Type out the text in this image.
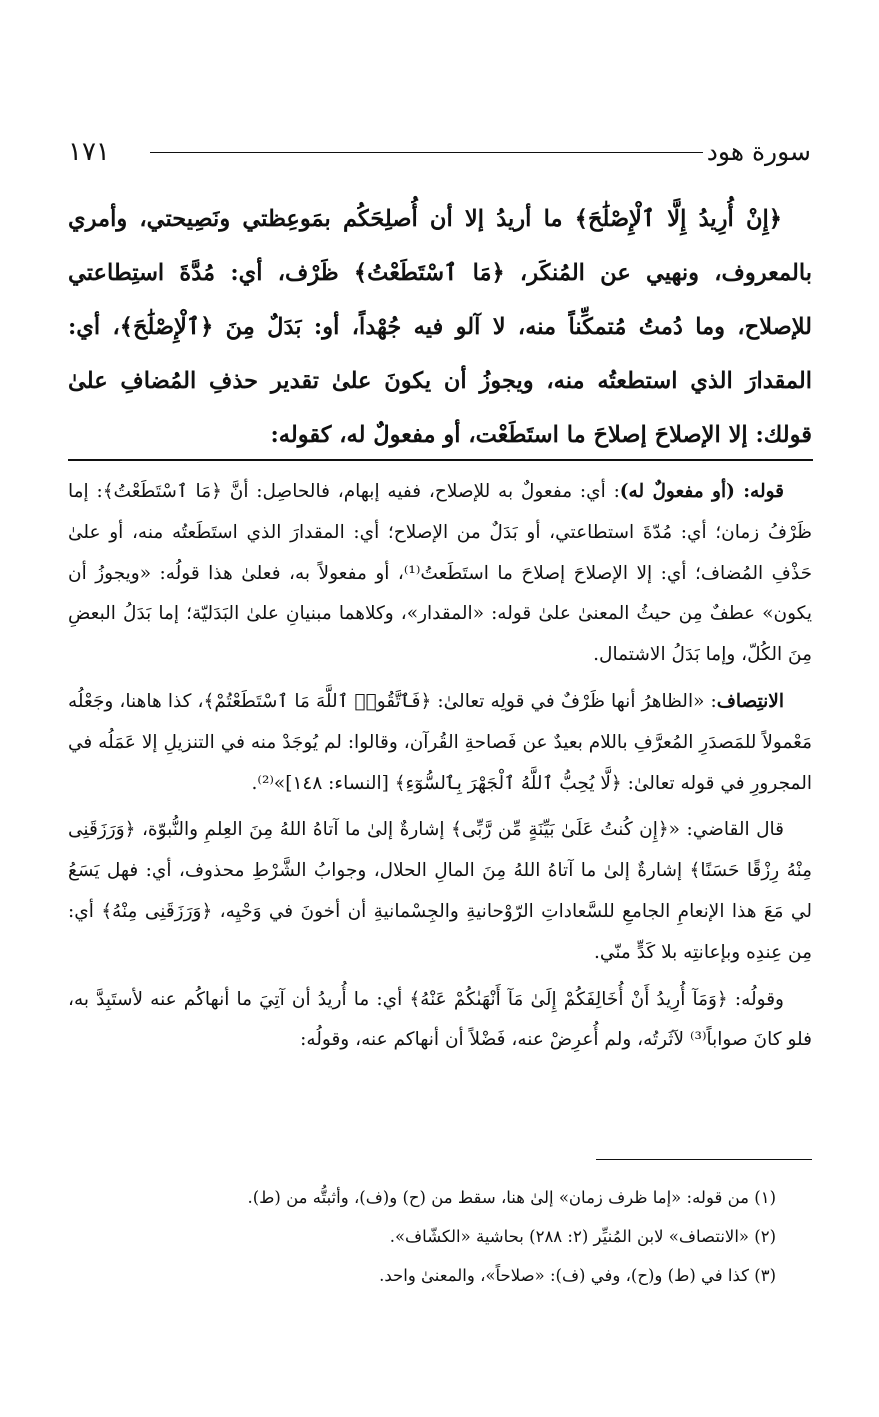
سورة هود
١٧١

﴿إِنْ أُرِيدُ إِلَّا ٱلْإِصْلَٰحَ﴾ ما أريدُ إلا أن أُصلِحَكُم بمَوعِظتي ونَصِيحتي، وأمري بالمعروف، ونهيي عن المُنكَر، ﴿مَا ٱسْتَطَعْتُ﴾ ظَرْف، أي: مُدَّةَ استِطاعتي للإصلاح، وما دُمتُ مُتمكِّناً منه، لا آلو فيه جُهْداً، أو: بَدَلٌ مِنَ ﴿ٱلْإِصْلَٰحَ﴾، أي: المقدارَ الذي استطعتُه منه، ويجوزُ أن يكونَ علىٰ تقدير حذفِ المُضافِ علىٰ قولك: إلا الإصلاحَ إصلاحَ ما استَطَعْت، أو مفعولٌ له، كقوله:

قوله: (أو مفعولٌ له): أي: مفعولٌ به للإصلاح، ففيه إبهام، فالحاصِل: أنَّ ﴿مَا ٱسْتَطَعْتُ﴾: إما ظَرْفُ زمان؛ أي: مُدّةَ استطاعتي، أو بَدَلٌ من الإصلاح؛ أي: المقدارَ الذي استَطَعتُه منه، أو علىٰ حَذْفِ المُضاف؛ أي: إلا الإصلاحَ إصلاحَ ما استَطَعتُ⁽¹⁾، أو مفعولاً به، فعلىٰ هذا قولُه: «ويجوزُ أن يكون» عطفٌ مِن حيثُ المعنىٰ علىٰ قوله: «المقدار»، وكلاهما مبنيانِ علىٰ البَدَليّة؛ إما بَدَلُ البعضِ مِنَ الكُلّ، وإما بَدَلُ الاشتمال.

الانتِصاف: «الظاهرُ أنها ظَرْفٌ في قولِه تعالىٰ: ﴿فَٱتَّقُوا۟ ٱللَّهَ مَا ٱسْتَطَعْتُمْ﴾، كذا هاهنا، وجَعْلُه مَعْمولاً للمَصدَرِ المُعرَّفِ باللام بعيدٌ عن فَصاحةِ القُرآن، وقالوا: لم يُوجَدْ منه في التنزيلِ إلا عَمَلُه في المجرورِ في قوله تعالىٰ: ﴿لَّا يُحِبُّ ٱللَّهُ ٱلْجَهْرَ بِٱلسُّوٓءِ﴾ [النساء: ١٤٨]»⁽²⁾.

قال القاضي: «﴿إِن كُنتُ عَلَىٰ بَيِّنَةٍ مِّن رَّبِّى﴾ إشارةٌ إلىٰ ما آتاهُ اللهُ مِنَ العِلمِ والنُّبوّة، ﴿وَرَزَقَنِى مِنْهُ رِزْقًا حَسَنًا﴾ إشارةٌ إلىٰ ما آتاهُ اللهُ مِنَ المالِ الحلال، وجوابُ الشَّرْطِ محذوف، أي: فهل يَسَعُ لي مَعَ هذا الإنعامِ الجامعِ للسَّعاداتِ الرّوْحانيةِ والجِسْمانيةِ أن أخونَ في وَحْيِه، ﴿وَرَزَقَنِى مِنْهُ﴾ أي: مِن عِندِه وبإعانتِه بلا كَدٍّ منّي.

وقولُه: ﴿وَمَآ أُرِيدُ أَنْ أُخَالِفَكُمْ إِلَىٰ مَآ أَنْهَىٰكُمْ عَنْهُ﴾ أي: ما أُريدُ أن آتِيَ ما أنهاكُم عنه لأستَبِدَّ به، فلو كانَ صواباً⁽³⁾ لآثَرتُه، ولم أُعرِضْ عنه، فَضْلاً أن أنهاكم عنه، وقولُه:

(١) من قوله: «إما ظرف زمان» إلىٰ هنا، سقط من (ح) و(ف)، وأثبتُّه من (ط).

(٢) «الانتصاف» لابن المُنيِّر (٢: ٢٨٨) بحاشية «الكشّاف».

(٣) كذا في (ط) و(ح)، وفي (ف): «صلاحاً»، والمعنىٰ واحد.
